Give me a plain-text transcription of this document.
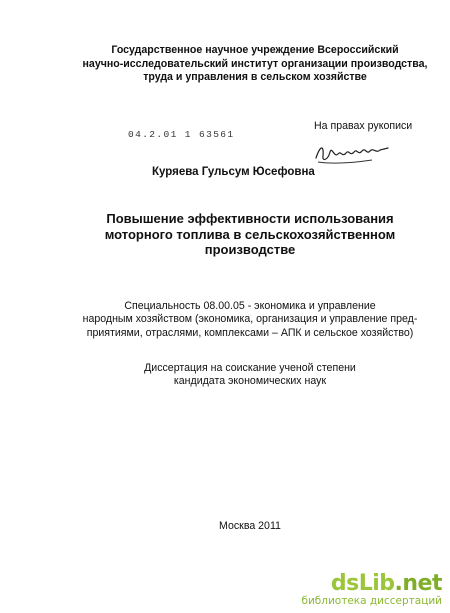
Государственное научное учреждение Всероссийский
научно-исследовательский институт организации производства,
труда и управления в сельском хозяйстве
04.2.01 1 63561
На правах рукописи
Куряева Гульсум Юсефовна
Повышение эффективности использования
моторного топлива в сельскохозяйственном
производстве
Специальность 08.00.05 - экономика и управление
народным хозяйством (экономика, организация и управление пред-
приятиями, отраслями, комплексами – АПК и сельское хозяйство)
Диссертация на соискание ученой степени
кандидата экономических наук
Москва 2011
dsLib.net
библиотека диссертаций
